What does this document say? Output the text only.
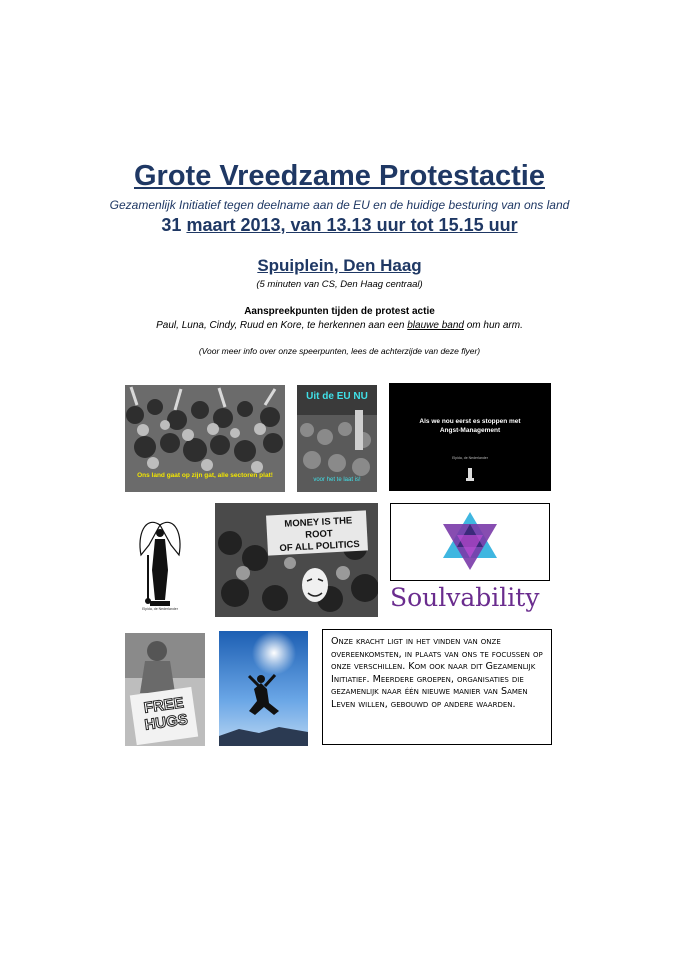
Grote Vreedzame Protestactie
Gezamenlijk Initiatief tegen deelname aan de EU en de huidige besturing van ons land
31 maart 2013, van 13.13 uur tot 15.15 uur
Spuiplein, Den Haag
(5 minuten van CS, Den Haag centraal)
Aanspreekpunten tijden de protest actie
Paul, Luna, Cindy, Ruud en Kore, te herkennen aan een blauwe band om hun arm.
(Voor meer info over onze speerpunten, lees de achterzijde van deze flyer)
Ons land gaat op zijn gat, alle sectoren plat!
Uit de EU NU
voor het te laat is!
Als we nou eerst es stoppen met
Angst-Management
Elpida, de Nederlander
Elpida, de Nederlander
MONEY IS THE ROOT
OF ALL POLITICS
Soulvability
FREE
HUGS
Onze kracht ligt in het vinden van onze overeenkomsten, in plaats van ons te focussen op onze verschillen. Kom ook naar dit Gezamenlijk Initiatief. Meerdere groepen, organisaties die gezamenlijk naar één nieuwe manier van Samen Leven willen, gebouwd op andere waarden.
